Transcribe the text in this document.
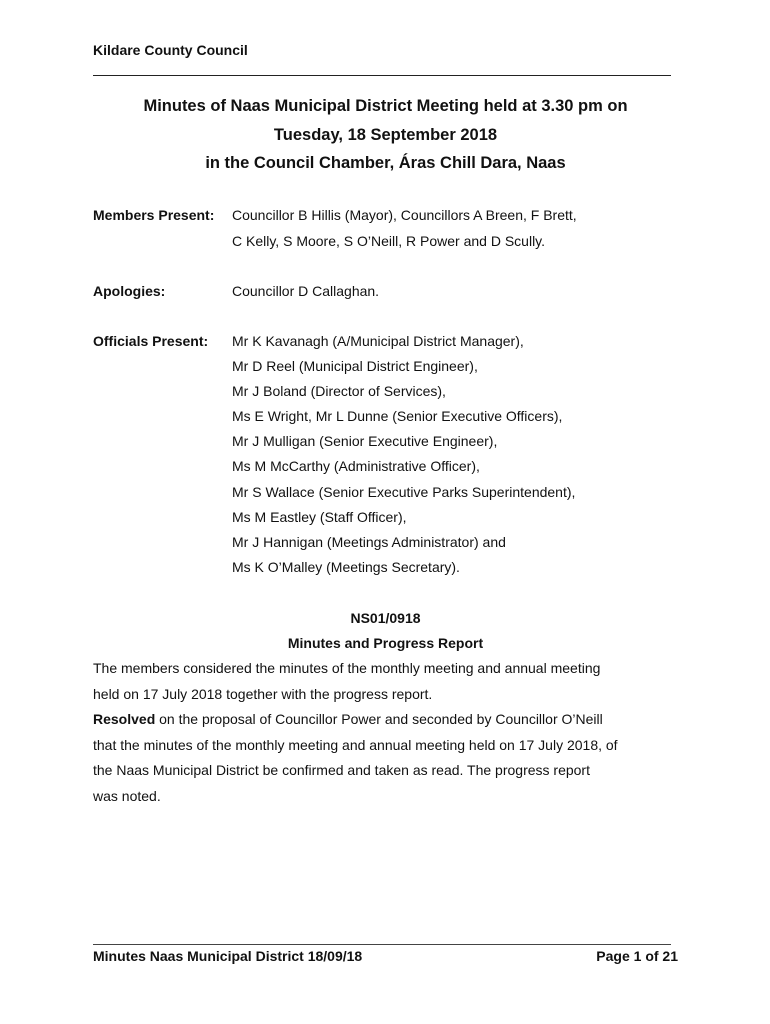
Kildare County Council
Minutes of Naas Municipal District Meeting held at 3.30 pm on
Tuesday, 18 September 2018
in the Council Chamber, Áras Chill Dara, Naas
Members Present: Councillor B Hillis (Mayor), Councillors A Breen, F Brett,
C Kelly, S Moore, S O’Neill, R Power and D Scully.
Apologies:	Councillor D Callaghan.
Officials Present: Mr K Kavanagh (A/Municipal District Manager),
Mr D Reel (Municipal District Engineer),
Mr J Boland (Director of Services),
Ms E Wright, Mr L Dunne (Senior Executive Officers),
Mr J Mulligan (Senior Executive Engineer),
Ms M McCarthy (Administrative Officer),
Mr S Wallace (Senior Executive Parks Superintendent),
Ms M Eastley (Staff Officer),
Mr J Hannigan (Meetings Administrator) and
Ms K O’Malley (Meetings Secretary).
NS01/0918
Minutes and Progress Report
The members considered the minutes of the monthly meeting and annual meeting
held on 17 July 2018 together with the progress report.
Resolved on the proposal of Councillor Power and seconded by Councillor O’Neill
that the minutes of the monthly meeting and annual meeting held on 17 July 2018, of
the Naas Municipal District be confirmed and taken as read. The progress report
was noted.
Minutes Naas Municipal District 18/09/18	Page 1 of 21
